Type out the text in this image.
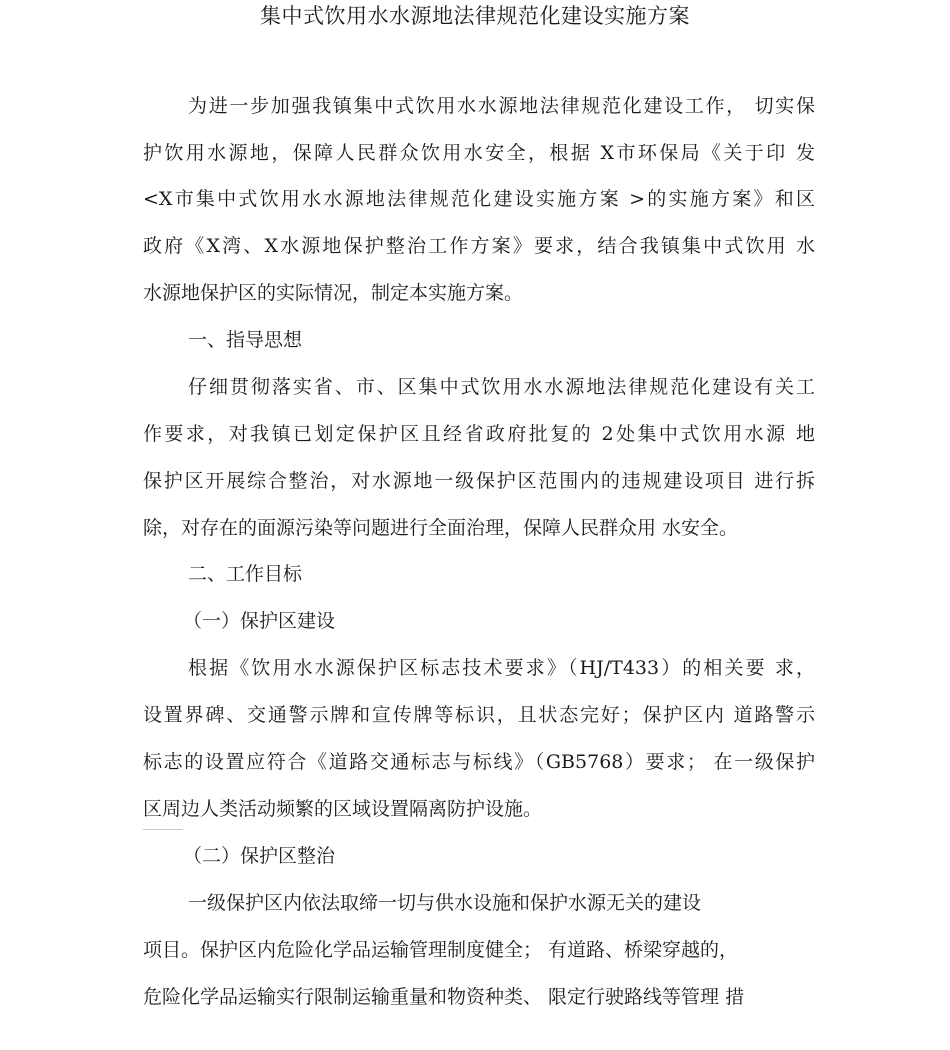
集中式饮用水水源地法律规范化建设实施方案
为进一步加强我镇集中式饮用水水源地法律规范化建设工作， 切实保
护饮用水源地，保障人民群众饮用水安全，根据 X市环保局《关于印 发
<X市集中式饮用水水源地法律规范化建设实施方案 >的实施方案》和区
政府《X湾、X水源地保护整治工作方案》要求，结合我镇集中式饮用 水
水源地保护区的实际情况，制定本实施方案。
一、指导思想
仔细贯彻落实省、市、区集中式饮用水水源地法律规范化建设有关工
作要求，对我镇已划定保护区且经省政府批复的 2处集中式饮用水源 地
保护区开展综合整治，对水源地一级保护区范围内的违规建设项目 进行拆
除，对存在的面源污染等问题进行全面治理，保障人民群众用 水安全。
二、工作目标
（一）保护区建设
根据《饮用水水源保护区标志技术要求》（HJ/T433）的相关要 求，
设置界碑、交通警示牌和宣传牌等标识，且状态完好；保护区内 道路警示
标志的设置应符合《道路交通标志与标线》（GB5768）要求； 在一级保护
区周边人类活动频繁的区域设置隔离防护设施。
（二）保护区整治
一级保护区内依法取缔一切与供水设施和保护水源无关的建设
项目。保护区内危险化学品运输管理制度健全； 有道路、桥梁穿越的，
危险化学品运输实行限制运输重量和物资种类、 限定行驶路线等管理 措
